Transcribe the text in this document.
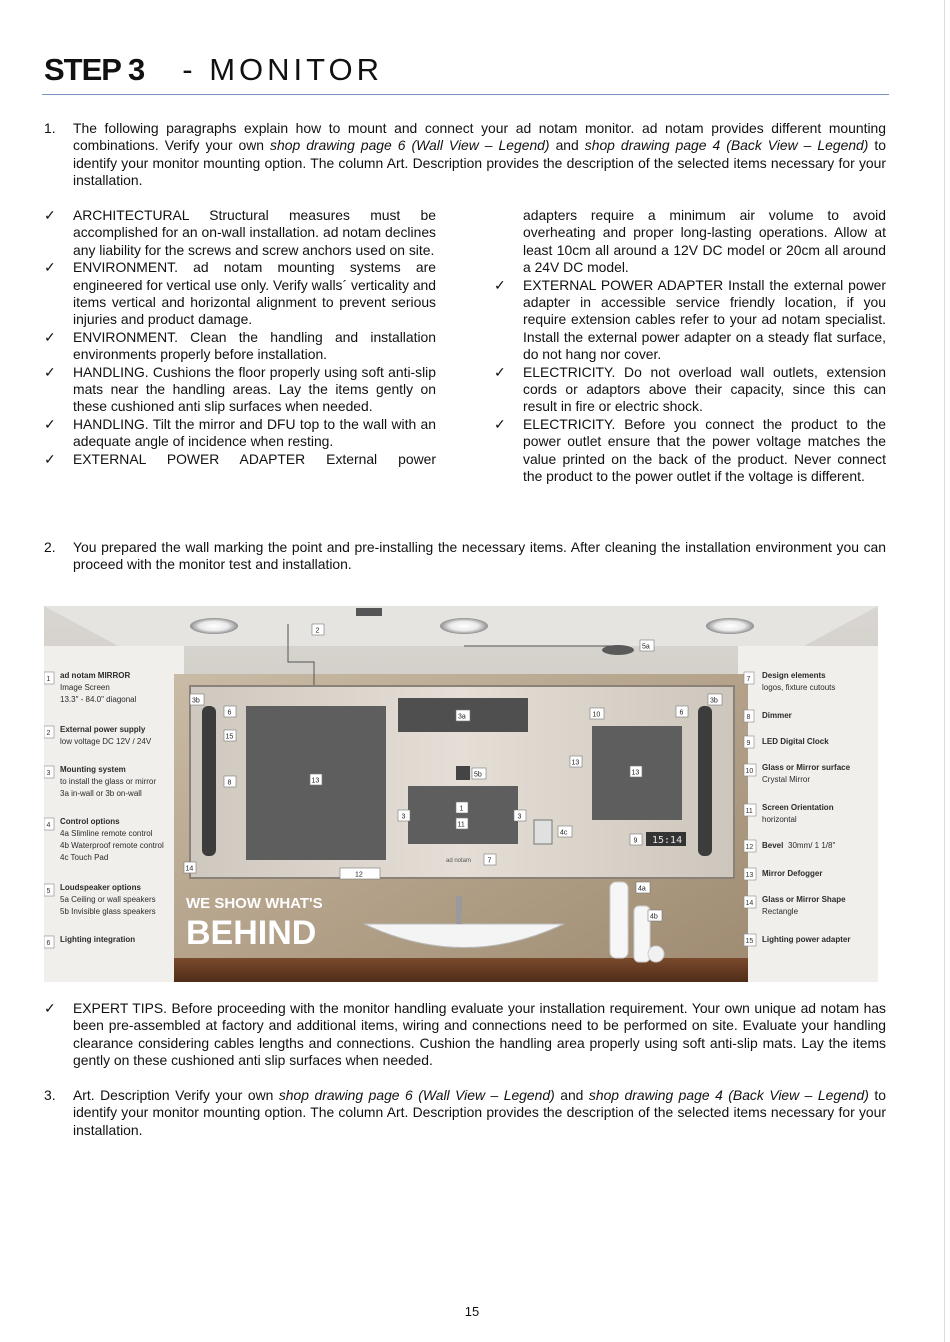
STEP 3 - MONITOR
1. The following paragraphs explain how to mount and connect your ad notam monitor. ad notam provides different mounting combinations. Verify your own shop drawing page 6 (Wall View – Legend) and shop drawing page 4 (Back View – Legend) to identify your monitor mounting option. The column Art. Description provides the description of the selected items necessary for your installation.
✓ ARCHITECTURAL Structural measures must be accomplished for an on-wall installation. ad notam declines any liability for the screws and screw anchors used on site.
✓ ENVIRONMENT. ad notam mounting systems are engineered for vertical use only. Verify walls´ verticality and items vertical and horizontal alignment to prevent serious injuries and product damage.
✓ ENVIRONMENT. Clean the handling and installation environments properly before installation.
✓ HANDLING. Cushions the floor properly using soft anti-slip mats near the handling areas. Lay the items gently on these cushioned anti slip surfaces when needed.
✓ HANDLING. Tilt the mirror and DFU top to the wall with an adequate angle of incidence when resting.
✓ EXTERNAL POWER ADAPTER External power
adapters require a minimum air volume to avoid overheating and proper long-lasting operations. Allow at least 10cm all around a 12V DC model or 20cm all around a 24V DC model.
✓ EXTERNAL POWER ADAPTER Install the external power adapter in accessible service friendly location, if you require extension cables refer to your ad notam specialist. Install the external power adapter on a steady flat surface, do not hang nor cover.
✓ ELECTRICITY. Do not overload wall outlets, extension cords or adaptors above their capacity, since this can result in fire or electric shock.
✓ ELECTRICITY. Before you connect the product to the power outlet ensure that the power voltage matches the value printed on the back of the product. Never connect the product to the power outlet if the voltage is different.
2. You prepared the wall marking the point and pre-installing the necessary items. After cleaning the installation environment you can proceed with the monitor test and installation.
15:14
ad notam
WE SHOW WHAT'S
BEHIND
1 ad notam MIRROR
Image Screen
13.3" - 84.0" diagonal
2 External power supply
low voltage DC 12V / 24V
3 Mounting system
to install the glass or mirror
3a in-wall or 3b on-wall
4 Control options
4a Slimline remote control
4b Waterproof remote control
4c Touch Pad
5 Loudspeaker options
5a Ceiling or wall speakers
5b Invisible glass speakers
6 Lighting integration
7 Design elements
logos, fixture cutouts
8 Dimmer
9 LED Digital Clock
10 Glass or Mirror surface
Crystal Mirror
11 Screen Orientation
horizontal
12 Bevel 30mm/ 1 1/8"
13 Mirror Defogger
14 Glass or Mirror Shape
Rectangle
15 Lighting power adapter
2
5a
3b	3b
6	6
15
8	13
3a	10
13
13
5b
1
11
3	3
4c
9
7
12
14
4a
4b
✓ EXPERT TIPS. Before proceeding with the monitor handling evaluate your installation requirement. Your own unique ad notam has been pre-assembled at factory and additional items, wiring and connections need to be performed on site. Evaluate your handling clearance considering cables lengths and connections. Cushion the handling area properly using soft anti-slip mats. Lay the items gently on these cushioned anti slip surfaces when needed.
3. Art. Description Verify your own shop drawing page 6 (Wall View – Legend) and shop drawing page 4 (Back View – Legend) to identify your monitor mounting option. The column Art. Description provides the description of the selected items necessary for your installation.
15
